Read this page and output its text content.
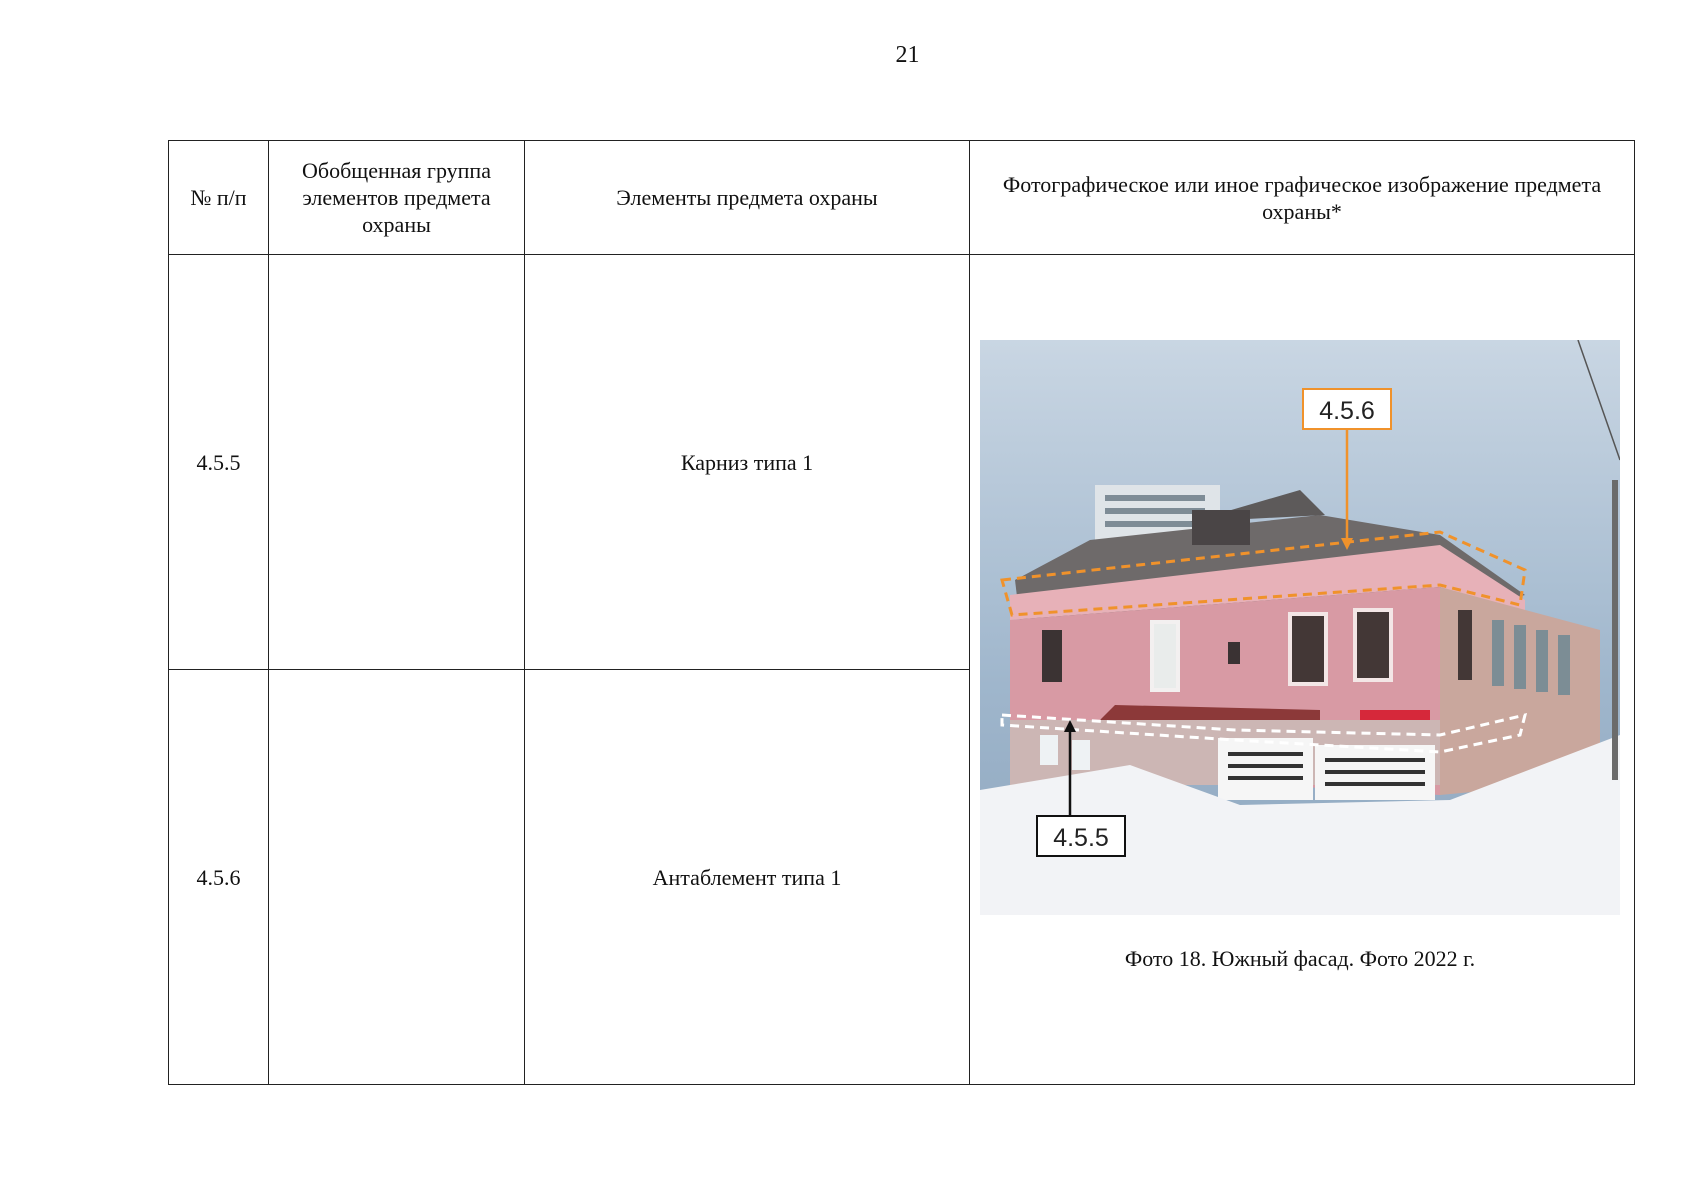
21
№ п/п	Обобщенная группа элементов предмета охраны	Элементы предмета охраны	Фотографическое или иное графическое изображение предмета охраны*
4.5.5		Карниз типа 1	4.5.6
4.5.5
Фото 18. Южный фасад. Фото 2022 г.

4.5.6		Антаблемент типа 1	
